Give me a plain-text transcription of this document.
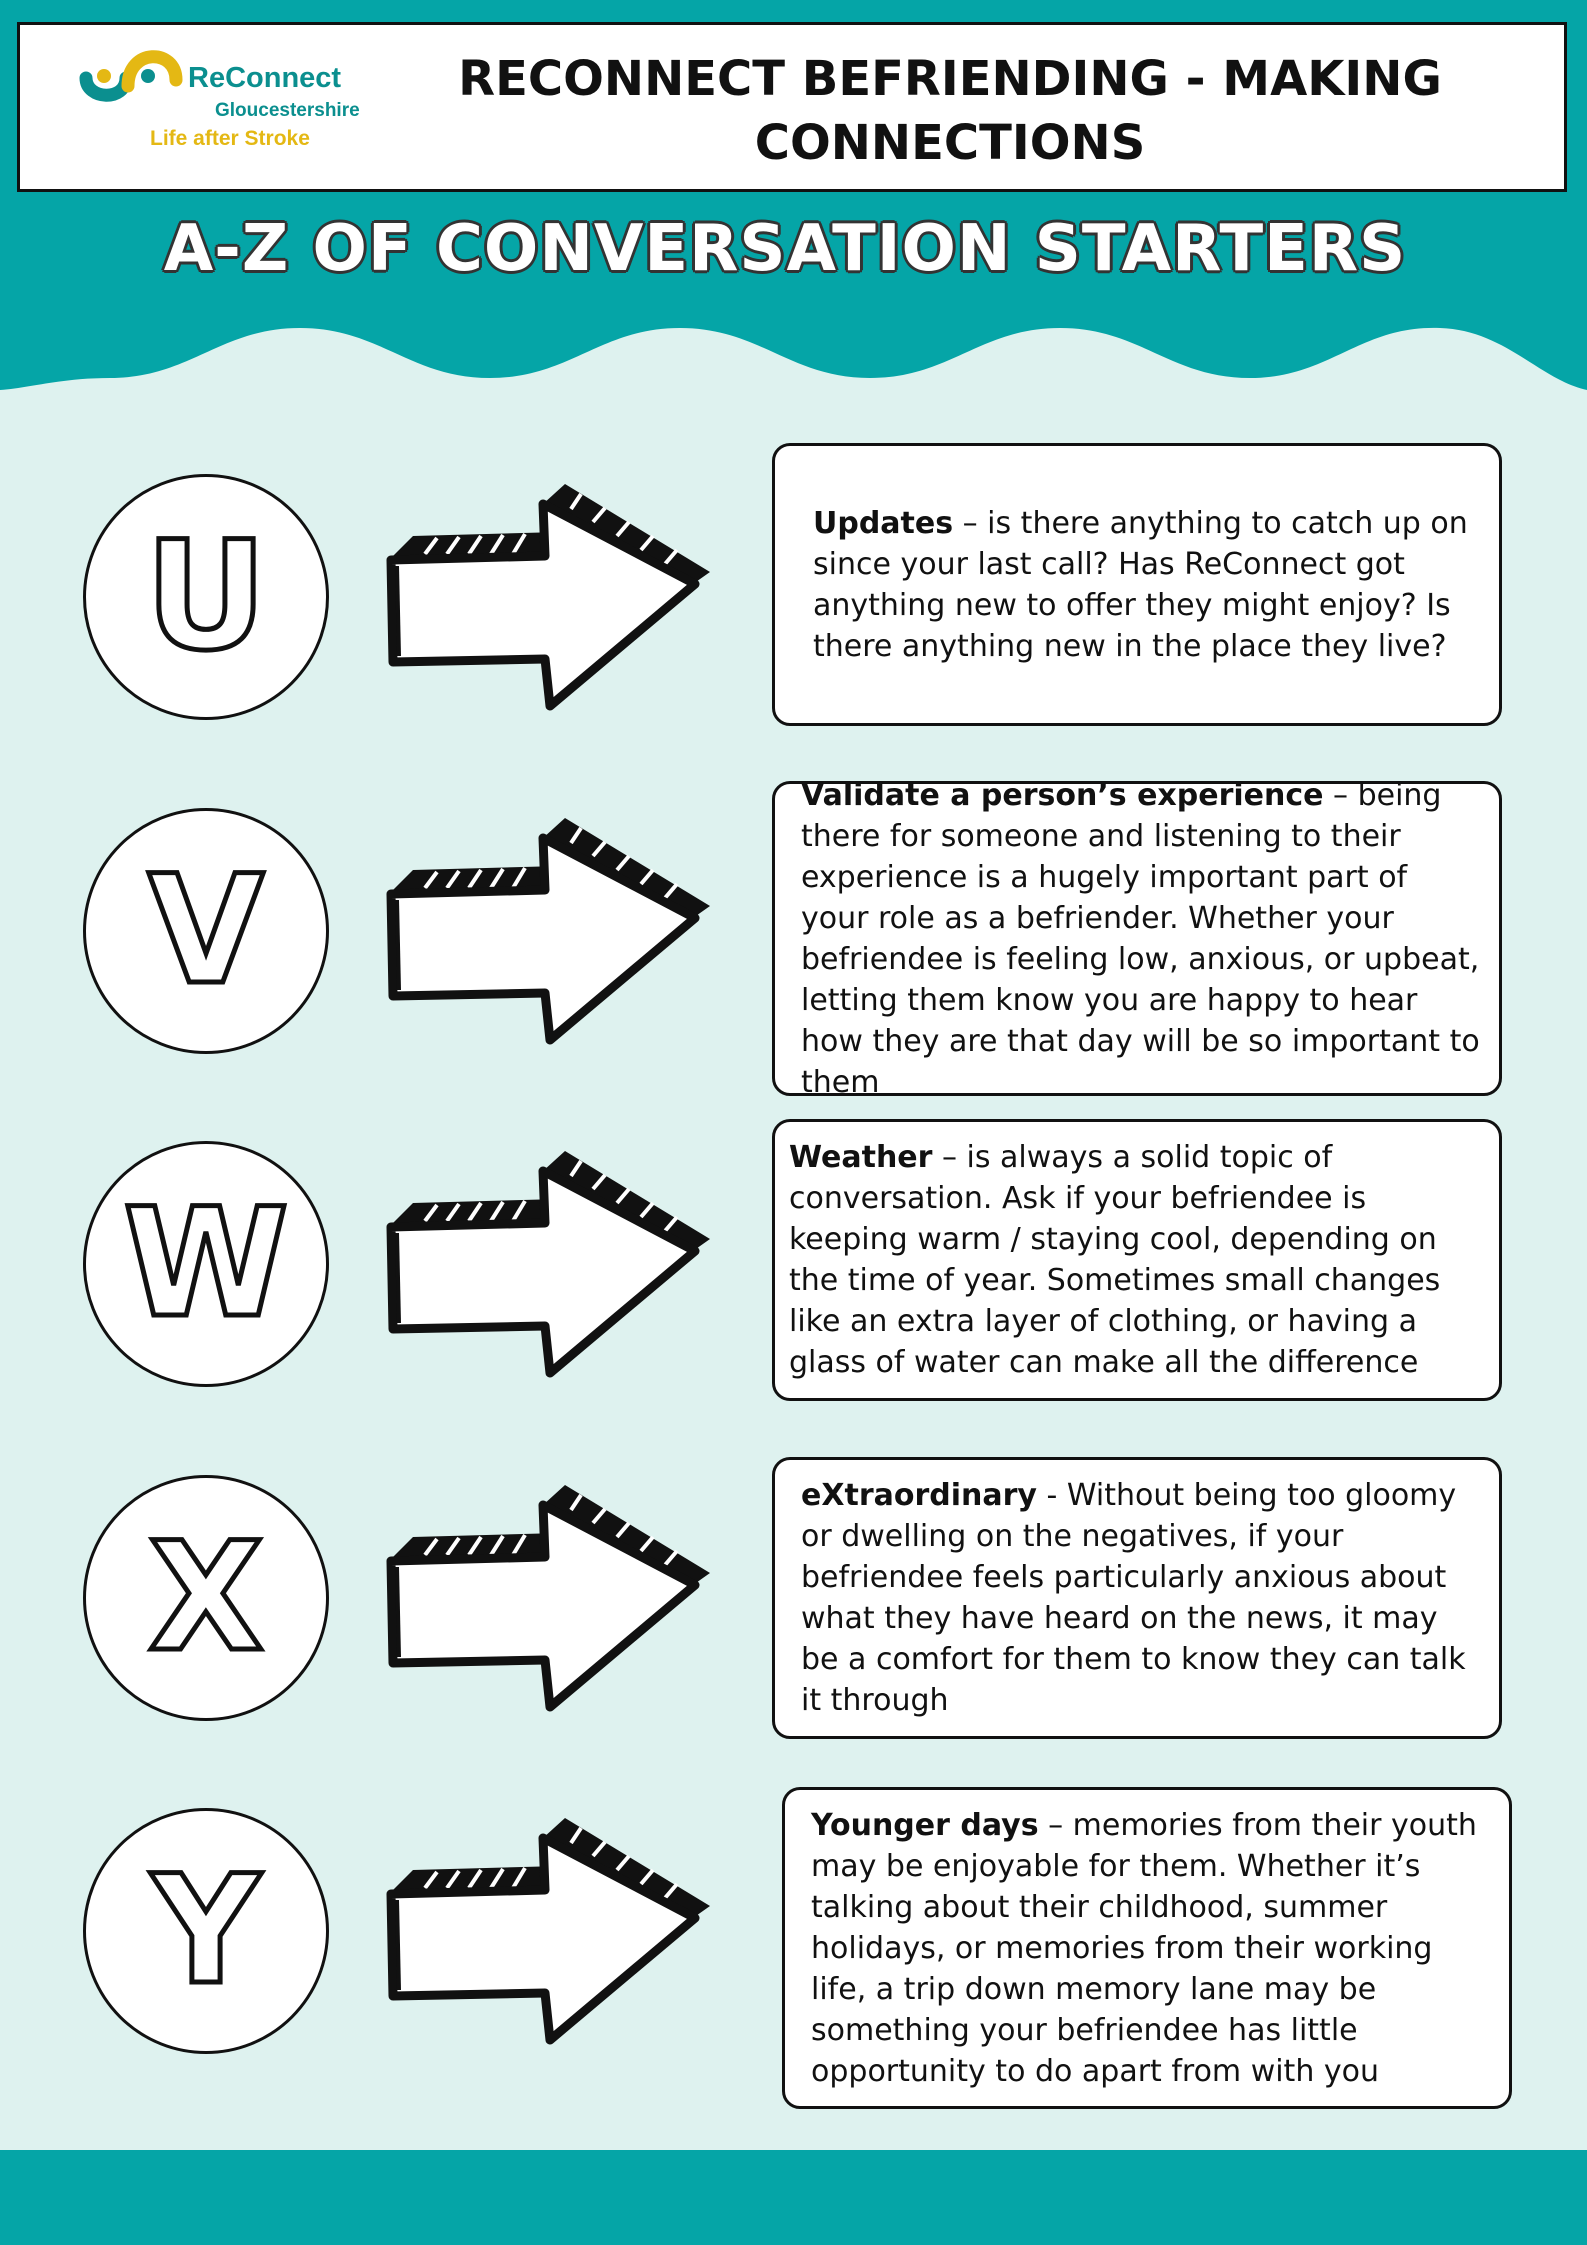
ReConnect
Gloucestershire
Life after Stroke
RECONNECT BEFRIENDING - MAKING CONNECTIONS
A-Z OF CONVERSATION STARTERS
U	Updates – is there anything to catch up on since your last call? Has ReConnect got anything new to offer they might enjoy? Is there anything new in the place they live?

V

Validate a person’s experience – being there for someone and listening to their experience is a hugely important part of your role as a befriender. Whether your befriendee is feeling low, anxious, or upbeat, letting them know you are happy to hear how they are that day will be so important to them

W

Weather – is always a solid topic of conversation. Ask if your befriendee is keeping warm / staying cool, depending on the time of year. Sometimes small changes like an extra layer of clothing, or having a glass of water can make all the difference

X

eXtraordinary - Without being too gloomy or dwelling on the negatives, if your befriendee feels particularly anxious about what they have heard on the news, it may be a comfort for them to know they can talk it through

Y

Younger days – memories from their youth may be enjoyable for them. Whether it’s talking about their childhood, summer holidays, or memories from their working life, a trip down memory lane may be something your befriendee has little opportunity to do apart from with you
